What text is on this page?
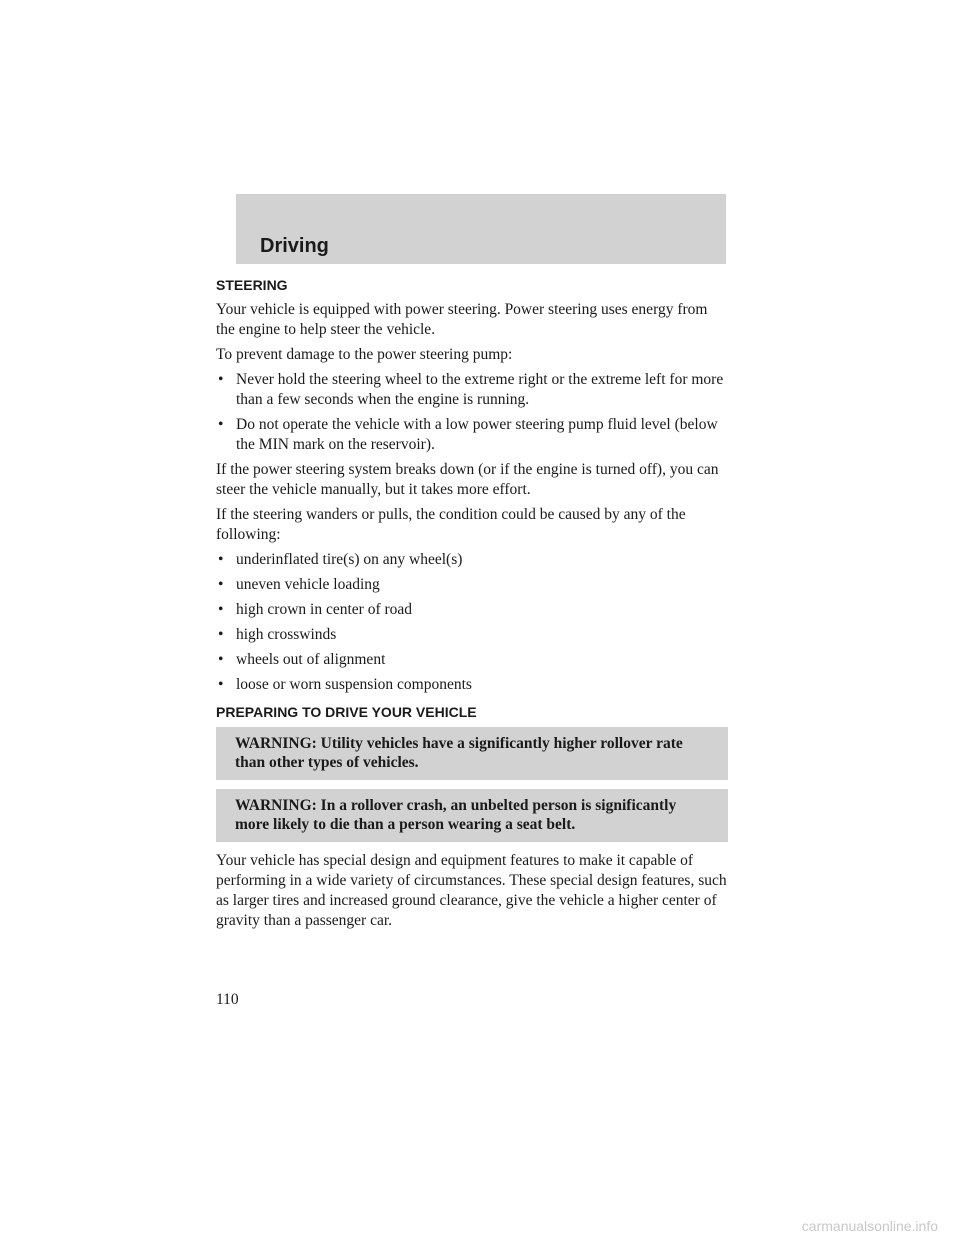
Driving
STEERING

Your vehicle is equipped with power steering. Power steering uses energy from the engine to help steer the vehicle.

To prevent damage to the power steering pump:

• Never hold the steering wheel to the extreme right or the extreme left for more than a few seconds when the engine is running.
• Do not operate the vehicle with a low power steering pump fluid level (below the MIN mark on the reservoir).

If the power steering system breaks down (or if the engine is turned off), you can steer the vehicle manually, but it takes more effort.

If the steering wanders or pulls, the condition could be caused by any of the following:

• underinflated tire(s) on any wheel(s)
• uneven vehicle loading
• high crown in center of road
• high crosswinds
• wheels out of alignment
• loose or worn suspension components
PREPARING TO DRIVE YOUR VEHICLE
WARNING: Utility vehicles have a significantly higher rollover rate than other types of vehicles.
WARNING: In a rollover crash, an unbelted person is significantly more likely to die than a person wearing a seat belt.

Your vehicle has special design and equipment features to make it capable of performing in a wide variety of circumstances. These special design features, such as larger tires and increased ground clearance, give the vehicle a higher center of gravity than a passenger car.

110
carmanualsonline.info
